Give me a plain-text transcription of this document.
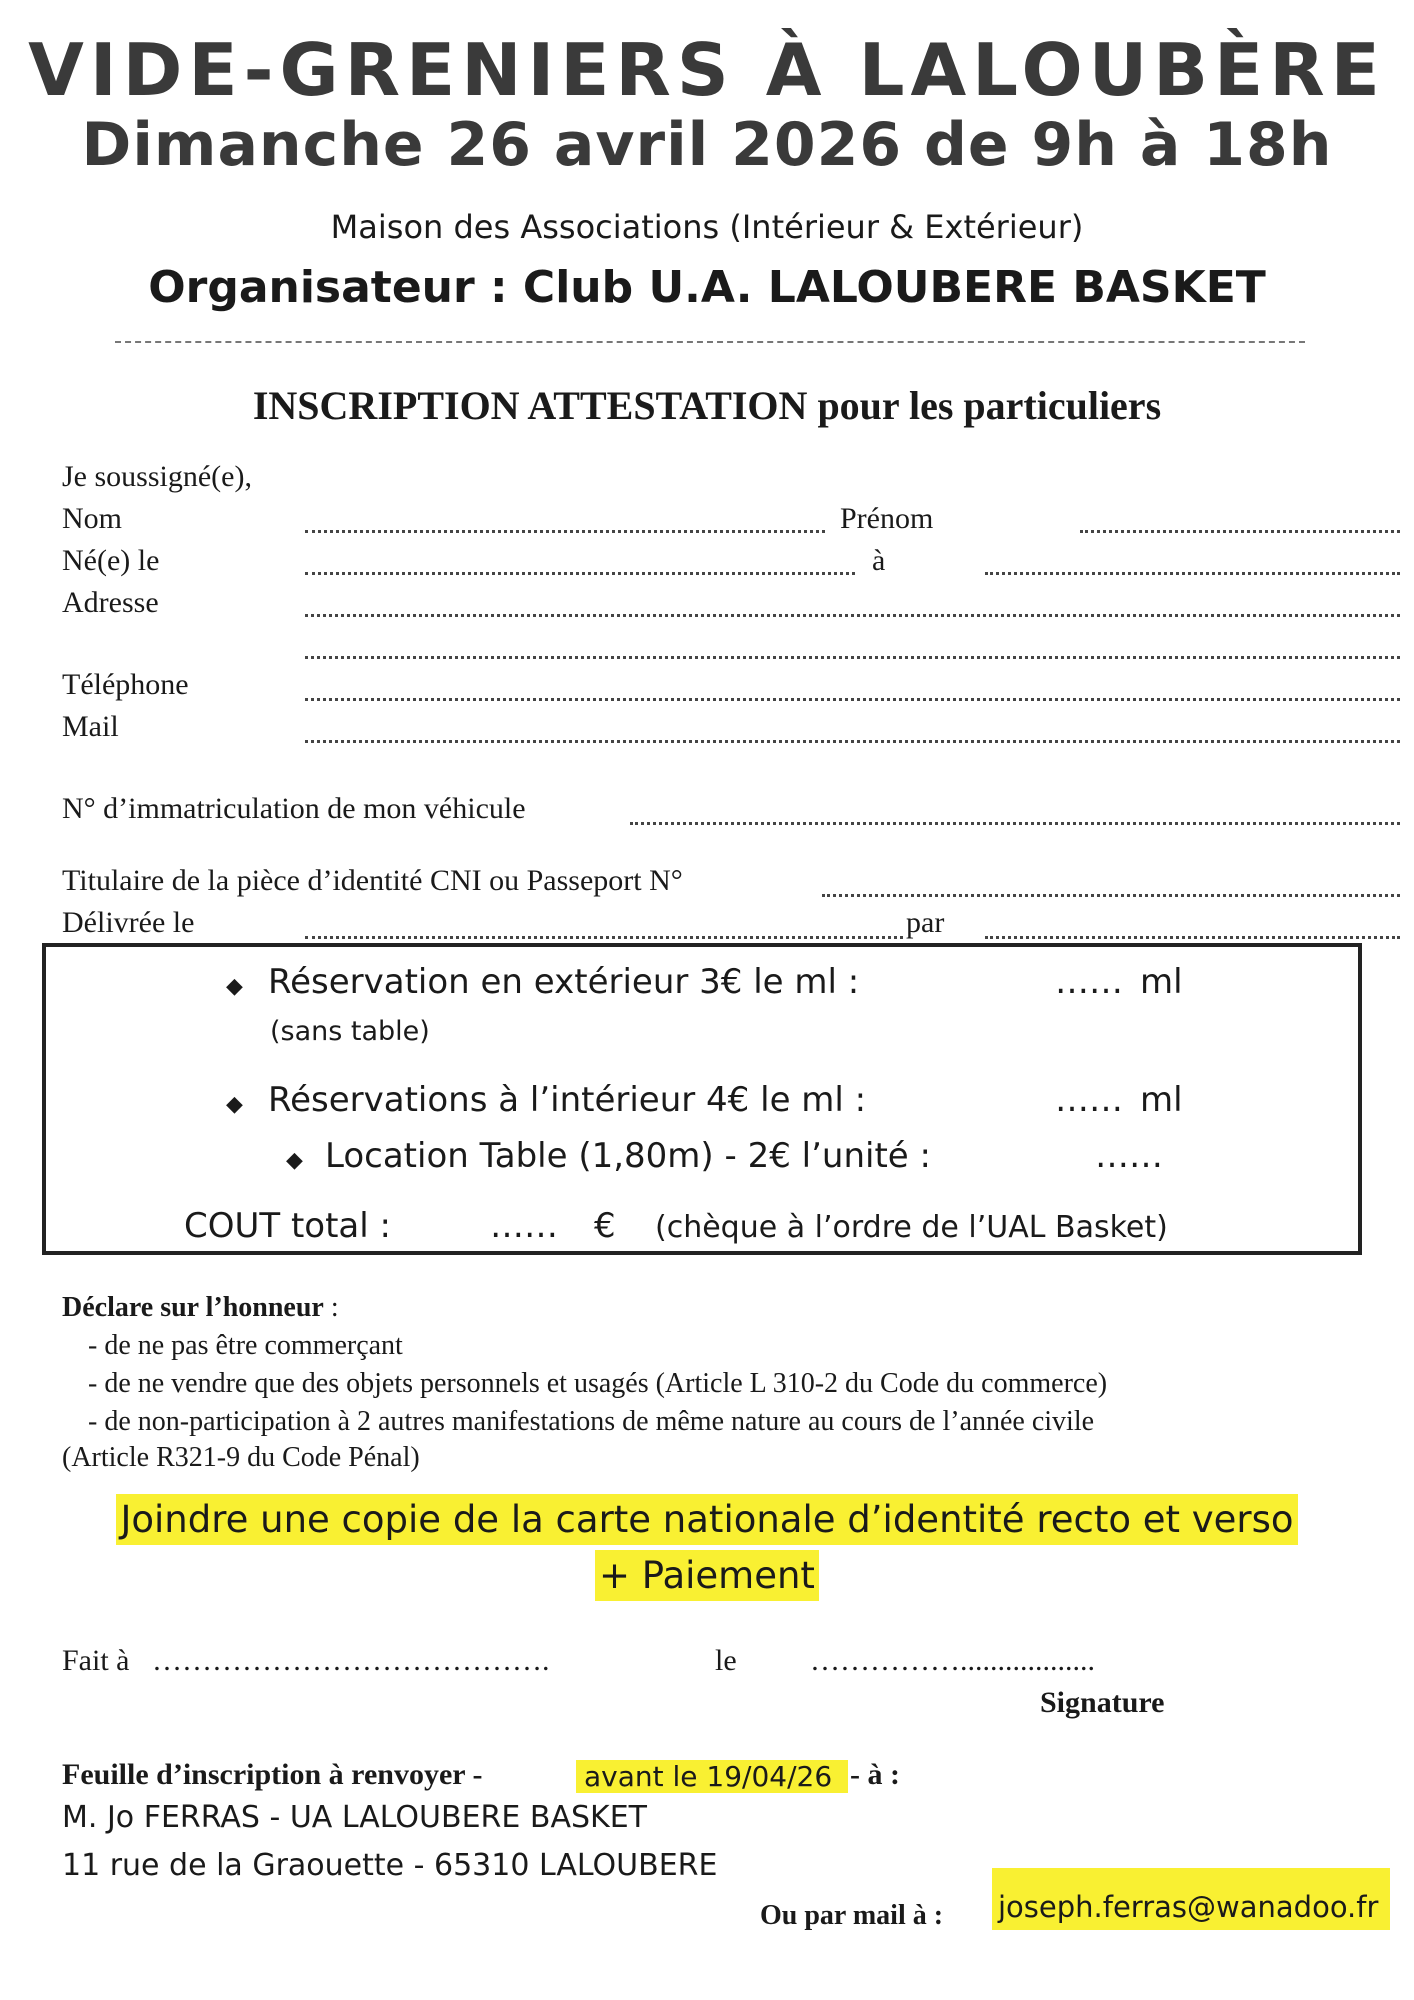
VIDE-GRENIERS À LALOUBÈRE
Dimanche 26 avril 2026 de 9h à 18h
Maison des Associations (Intérieur & Extérieur)
Organisateur : Club U.A. LALOUBERE BASKET
INSCRIPTION ATTESTATION pour les particuliers
Je soussigné(e),
Nom	Prénom
Né(e) le	à
Adresse
Téléphone
Mail
N° d’immatriculation de mon véhicule
Titulaire de la pièce d’identité CNI ou Passeport N°
Délivrée le	par
◆ Réservation en extérieur 3€ le ml :	…… ml
(sans table)
◆ Réservations à l’intérieur 4€ le ml :	…… ml
◆ Location Table (1,80m) - 2€ l’unité :	……
COUT total :	…… € (chèque à l’ordre de l’UAL Basket)
Déclare sur l’honneur :
- de ne pas être commerçant
- de ne vendre que des objets personnels et usagés (Article L 310-2 du Code du commerce)
- de non-participation à 2 autres manifestations de même nature au cours de l’année civile
(Article R321-9 du Code Pénal)
Joindre une copie de la carte nationale d’identité recto et verso
+ Paiement
Fait à ………………………………….	le ……………..................
Signature
Feuille d’inscription à renvoyer -	avant le 19/04/26 - à :
M. Jo FERRAS - UA LALOUBERE BASKET
11 rue de la Graouette - 65310 LALOUBERE
Ou par mail à : joseph.ferras@wanadoo.fr
